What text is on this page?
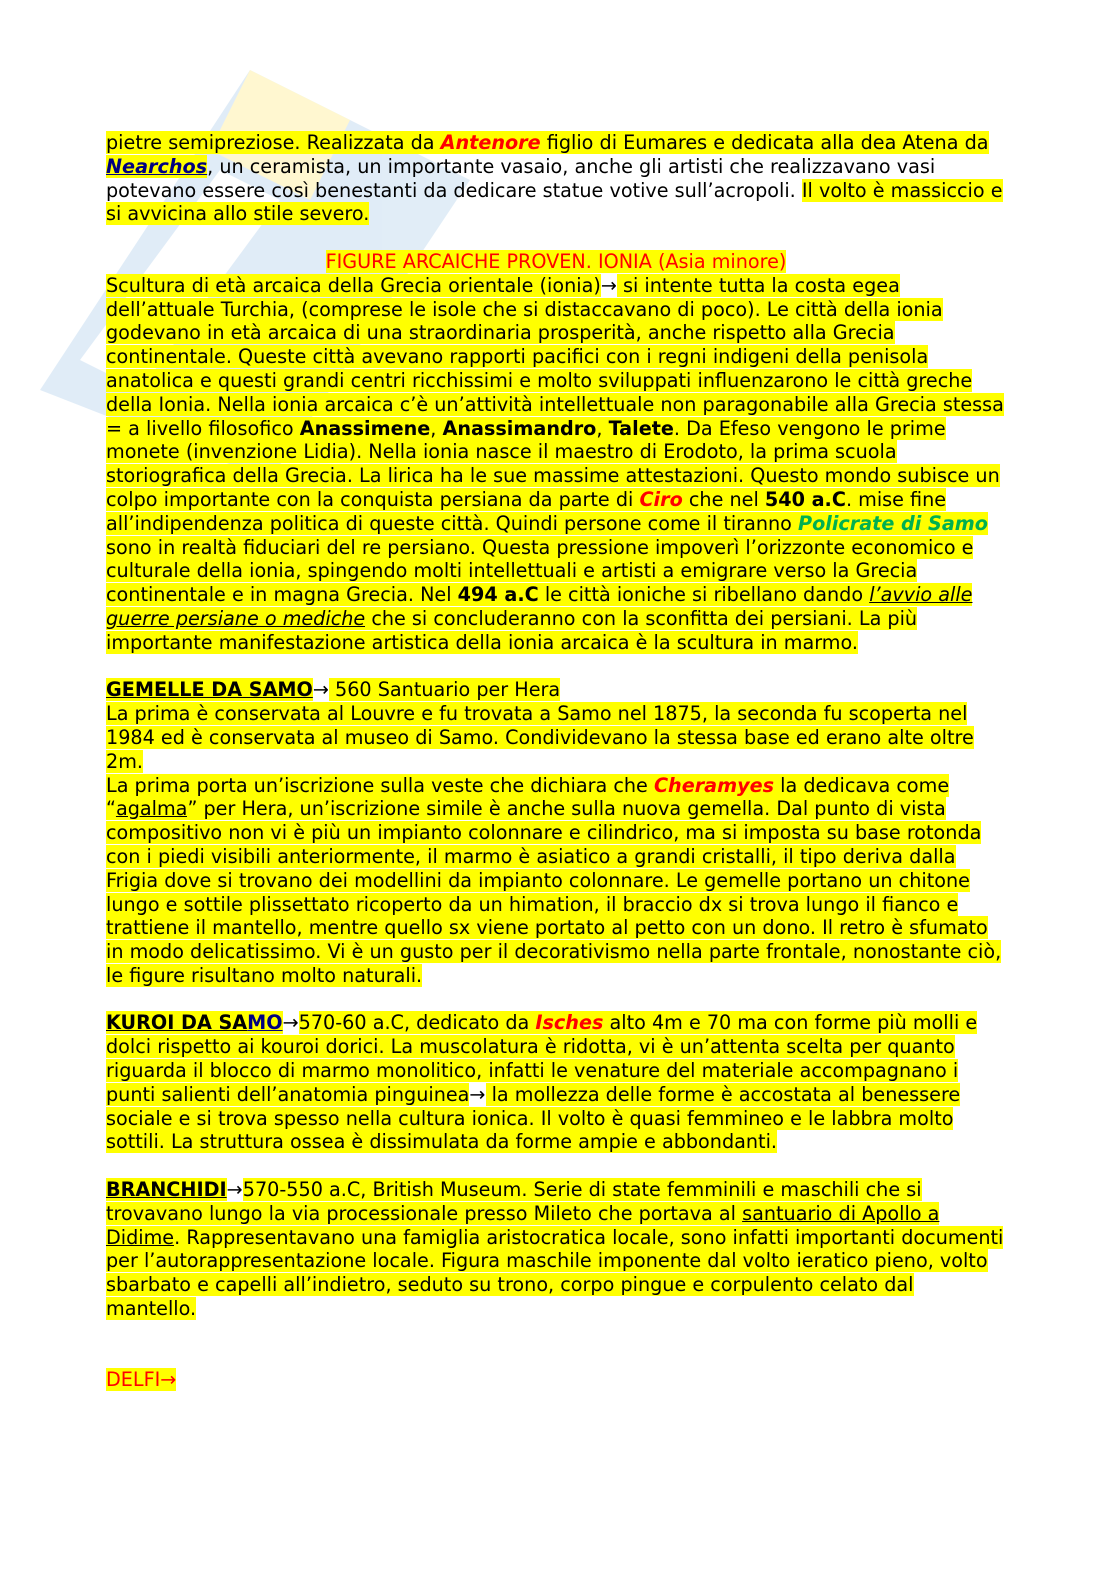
pietre semipreziose. Realizzata da Antenore figlio di Eumares e dedicata alla dea Atena da Nearchos, un ceramista, un importante vasaio, anche gli artisti che realizzavano vasi potevano essere così benestanti da dedicare statue votive sull’acropoli. Il volto è massiccio e si avvicina allo stile severo.

FIGURE ARCAICHE PROVEN. IONIA (Asia minore)

Scultura di età arcaica della Grecia orientale (ionia)→ si intente tutta la costa egea dell’attuale Turchia, (comprese le isole che si distaccavano di poco). Le città della ionia godevano in età arcaica di una straordinaria prosperità, anche rispetto alla Grecia continentale. Queste città avevano rapporti pacifici con i regni indigeni della penisola anatolica e questi grandi centri ricchissimi e molto sviluppati influenzarono le città greche della Ionia. Nella ionia arcaica c’è un’attività intellettuale non paragonabile alla Grecia stessa = a livello filosofico Anassimene, Anassimandro, Talete. Da Efeso vengono le prime monete (invenzione Lidia). Nella ionia nasce il maestro di Erodoto, la prima scuola storiografica della Grecia. La lirica ha le sue massime attestazioni. Questo mondo subisce un colpo importante con la conquista persiana da parte di Ciro che nel 540 a.C. mise fine all’indipendenza politica di queste città. Quindi persone come il tiranno Policrate di Samo sono in realtà fiduciari del re persiano. Questa pressione impoverì l’orizzonte economico e culturale della ionia, spingendo molti intellettuali e artisti a emigrare verso la Grecia continentale e in magna Grecia. Nel 494 a.C le città ioniche si ribellano dando l’avvio alle guerre persiane o mediche che si concluderanno con la sconfitta dei persiani. La più importante manifestazione artistica della ionia arcaica è la scultura in marmo.

GEMELLE DA SAMO→ 560 Santuario per Hera

La prima è conservata al Louvre e fu trovata a Samo nel 1875, la seconda fu scoperta nel 1984 ed è conservata al museo di Samo. Condividevano la stessa base ed erano alte oltre 2m.

La prima porta un’iscrizione sulla veste che dichiara che Cheramyes la dedicava come “agalma” per Hera, un’iscrizione simile è anche sulla nuova gemella. Dal punto di vista compositivo non vi è più un impianto colonnare e cilindrico, ma si imposta su base rotonda con i piedi visibili anteriormente, il marmo è asiatico a grandi cristalli, il tipo deriva dalla Frigia dove si trovano dei modellini da impianto colonnare. Le gemelle portano un chitone lungo e sottile plissettato ricoperto da un himation, il braccio dx si trova lungo il fianco e trattiene il mantello, mentre quello sx viene portato al petto con un dono. Il retro è sfumato in modo delicatissimo. Vi è un gusto per il decorativismo nella parte frontale, nonostante ciò, le figure risultano molto naturali.

KUROI DA SAMO→570-60 a.C, dedicato da Isches alto 4m e 70 ma con forme più molli e dolci rispetto ai kouroi dorici. La muscolatura è ridotta, vi è un’attenta scelta per quanto riguarda il blocco di marmo monolitico, infatti le venature del materiale accompagnano i punti salienti dell’anatomia pinguinea→ la mollezza delle forme è accostata al benessere sociale e si trova spesso nella cultura ionica. Il volto è quasi femmineo e le labbra molto sottili. La struttura ossea è dissimulata da forme ampie e abbondanti.

BRANCHIDI→570-550 a.C, British Museum. Serie di state femminili e maschili che si trovavano lungo la via processionale presso Mileto che portava al santuario di Apollo a Didime. Rappresentavano una famiglia aristocratica locale, sono infatti importanti documenti per l’autorappresentazione locale. Figura maschile imponente dal volto ieratico pieno, volto sbarbato e capelli all’indietro, seduto su trono, corpo pingue e corpulento celato dal mantello.

DELFI→
